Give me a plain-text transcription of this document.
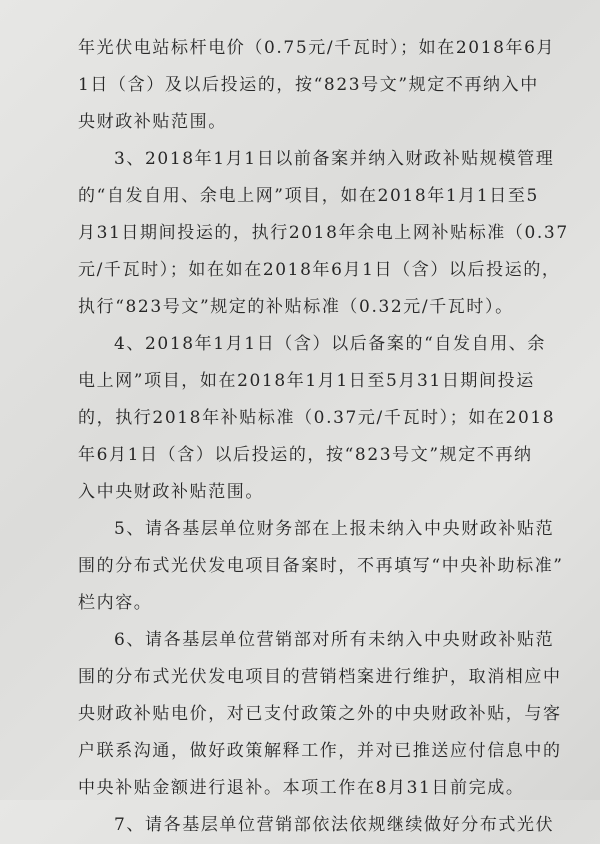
年光伏电站标杆电价（0.75元/千瓦时）；如在2018年6月
1日（含）及以后投运的，按“823号文”规定不再纳入中
央财政补贴范围。
3、2018年1月1日以前备案并纳入财政补贴规模管理
的“自发自用、余电上网”项目，如在2018年1月1日至5
月31日期间投运的，执行2018年余电上网补贴标准（0.37
元/千瓦时）；如在如在2018年6月1日（含）以后投运的，
执行“823号文”规定的补贴标准（0.32元/千瓦时）。
4、2018年1月1日（含）以后备案的“自发自用、余
电上网”项目，如在2018年1月1日至5月31日期间投运
的，执行2018年补贴标准（0.37元/千瓦时）；如在2018
年6月1日（含）以后投运的，按“823号文”规定不再纳
入中央财政补贴范围。
5、请各基层单位财务部在上报未纳入中央财政补贴范
围的分布式光伏发电项目备案时，不再填写“中央补助标准”
栏内容。
6、请各基层单位营销部对所有未纳入中央财政补贴范
围的分布式光伏发电项目的营销档案进行维护，取消相应中
央财政补贴电价，对已支付政策之外的中央财政补贴，与客
户联系沟通，做好政策解释工作，并对已推送应付信息中的
中央补贴金额进行退补。本项工作在8月31日前完成。
7、请各基层单位营销部依法依规继续做好分布式光伏
